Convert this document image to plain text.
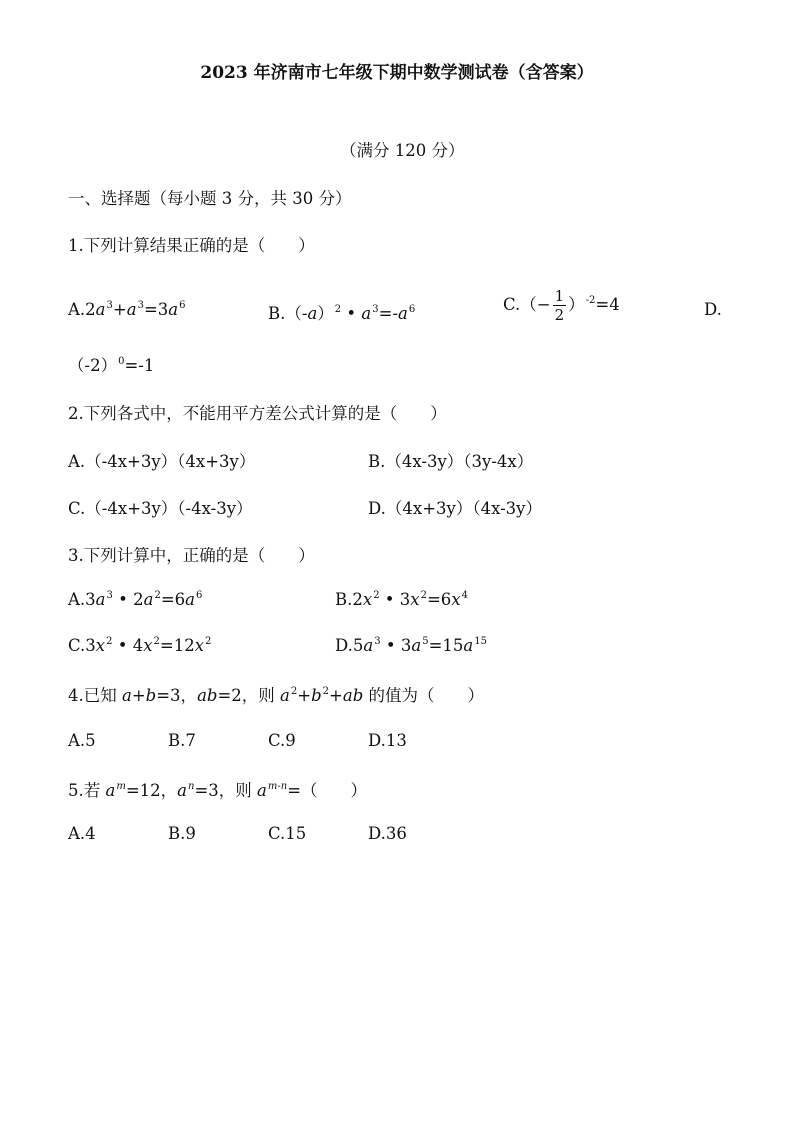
2023 年济南市七年级下期中数学测试卷（含答案）
（满分 120 分）
一、选择题（每小题 3 分，共 30 分）
1.下列计算结果正确的是（　　）
$A.2a^3+a^3=3a^6$	$B.(-a)^2$ • $a^3=-a^6$	$C.(- \frac{1}{2} )^{-2}=4$	D.
$(-2)^0=-1$
2.下列各式中，不能用平方差公式计算的是（　　）
A.（-4x+3y）（4x+3y）	B.（4x-3y）（3y-4x）
C.（-4x+3y）（-4x-3y）	D.（4x+3y）（4x-3y）
3.下列计算中，正确的是（　　）
$A.3a^3$ • $2a^2=6a^6$	$B.2x^2$ • $3x^2=6x^4$
$C.3x^2$ • $4x^2=12x^2$	$D.5a^3$ • $3a^5=15a^{15}$
4.已知 a+b=3，ab=2，则 $a^2+b^2+ab$ 的值为（　　）
A.5	B.7	C.9	D.13
5.若 $a^m=12$，$a^n=3$，则 $a^{m-n}=$（　　）
A.4	B.9	C.15	D.36
